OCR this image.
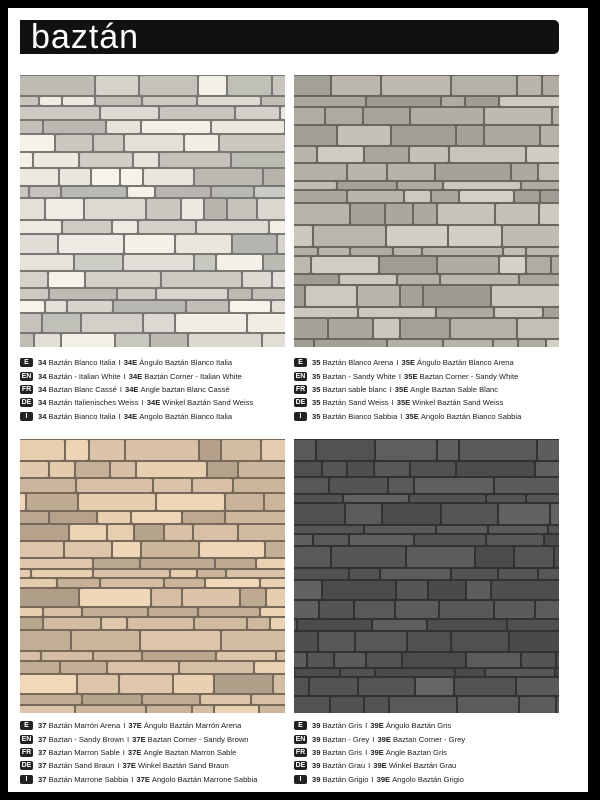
baztán
E	34 Baztán Blanco Italia I 34E Ángulo Baztán Blanco Italia
EN 34 Baztán - Italian White I 34E Baztán Corner - Italian White
FR 34 Baztan Blanc Cassé I 34E Angle baztan Blanc Cassé
DE 34 Baztán Italienisches Weiss I 34E Winkel Baztán Sand Weiss
I	34 Baztán Bianco Italia I 34E Angolo Baztán Bianco Italia
E	35 Baztán Blanco Arena I 35E Ángulo Baztán Blanco Arena
EN 35 Baztan - Sandy White I 35E Baztan Corner - Sandy White
FR 35 Baztan sable blanc I 35E Angle Baztan Sable Blanc
DE 35 Baztán Sand Weiss I 35E Winkel Baztán Sand Weiss
I	35 Baztán Bianco Sabbia I 35E Angolo Baztán Bianco Sabbia
E	37 Baztán Marrón Arena I 37E Ángulo Baztán Marrón Arena
EN 37 Baztan - Sandy Brown I 37E Baztan Corner - Sandy Brown
FR 37 Baztan Marron Sable I 37E Angle Baztan Marron Sable
DE 37 Baztán Sand Braun I 37E Winkel Baztán Sand Braun
I	37 Baztán Marrone Sabbia I 37E Angolo Baztán Marrone Sabbia
E	39 Baztán Gris I 39E Ángulo Baztán Gris
EN 39 Baztan - Grey I 39E Baztan Corner - Grey
FR 39 Baztan Gris I 39E Angle Baztan Gris
DE 39 Baztán Grau I 39E Winkel Baztán Grau
I	39 Baztán Grigio I 39E Angolo Baztán Grigio
